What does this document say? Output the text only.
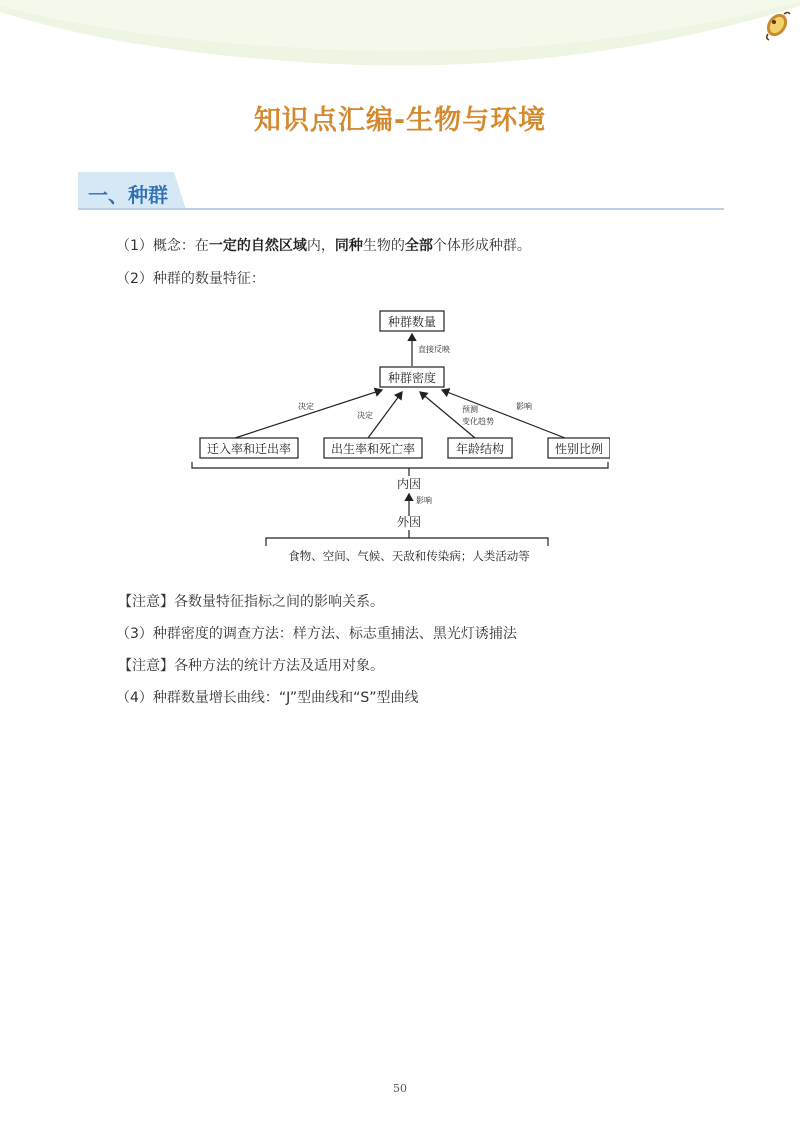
知识点汇编-生物与环境
一、种群
（1）概念：在一定的自然区域内，同种生物的全部个体形成种群。
（2）种群的数量特征：
种群数量
直接反映
种群密度
决定
决定
预测
变化趋势
影响
迁入率和迁出率	出生率和死亡率	年龄结构	性别比例
内因
影响
外因
食物、空间、气候、天敌和传染病；人类活动等
【注意】各数量特征指标之间的影响关系。
（3）种群密度的调查方法：样方法、标志重捕法、黑光灯诱捕法
【注意】各种方法的统计方法及适用对象。
（4）种群数量增长曲线：“J”型曲线和“S”型曲线
50
